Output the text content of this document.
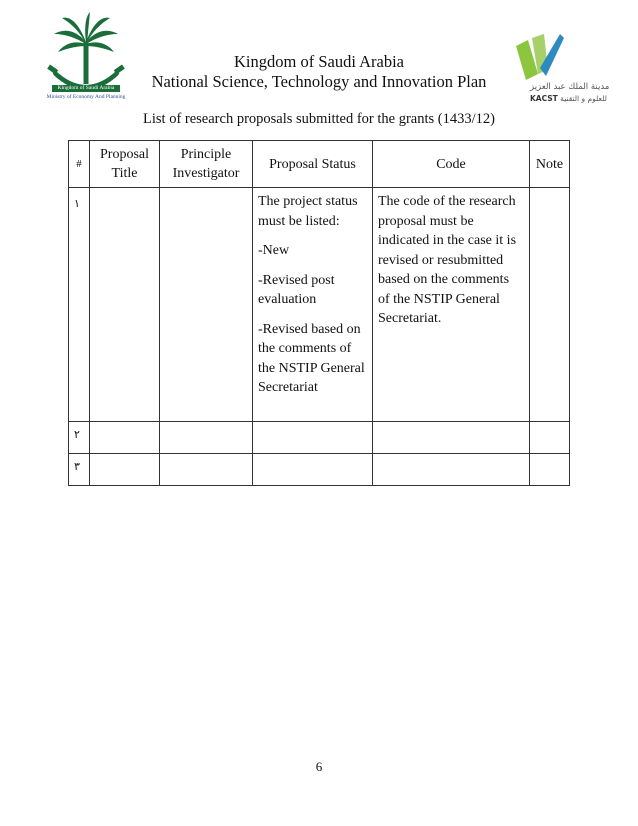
Kingdom of Saudi Arabia
Ministry of Economy And Planning
مدينة الملك عبد العزيز
KACST للعلوم و التقنية
Kingdom of Saudi Arabia
National Science, Technology and Innovation Plan
List of research proposals submitted for the grants (1433/12)
#	Proposal Title	Principle Investigator	Proposal Status	Code	Note
١			The project status must be listed:

-New

-Revised post evaluation

-Revised based on the comments of the NSTIP General Secretariat	The code of the research proposal must be indicated in the case it is revised or resubmitted based on the comments of the NSTIP General Secretariat.	
٢					
٣					
6
